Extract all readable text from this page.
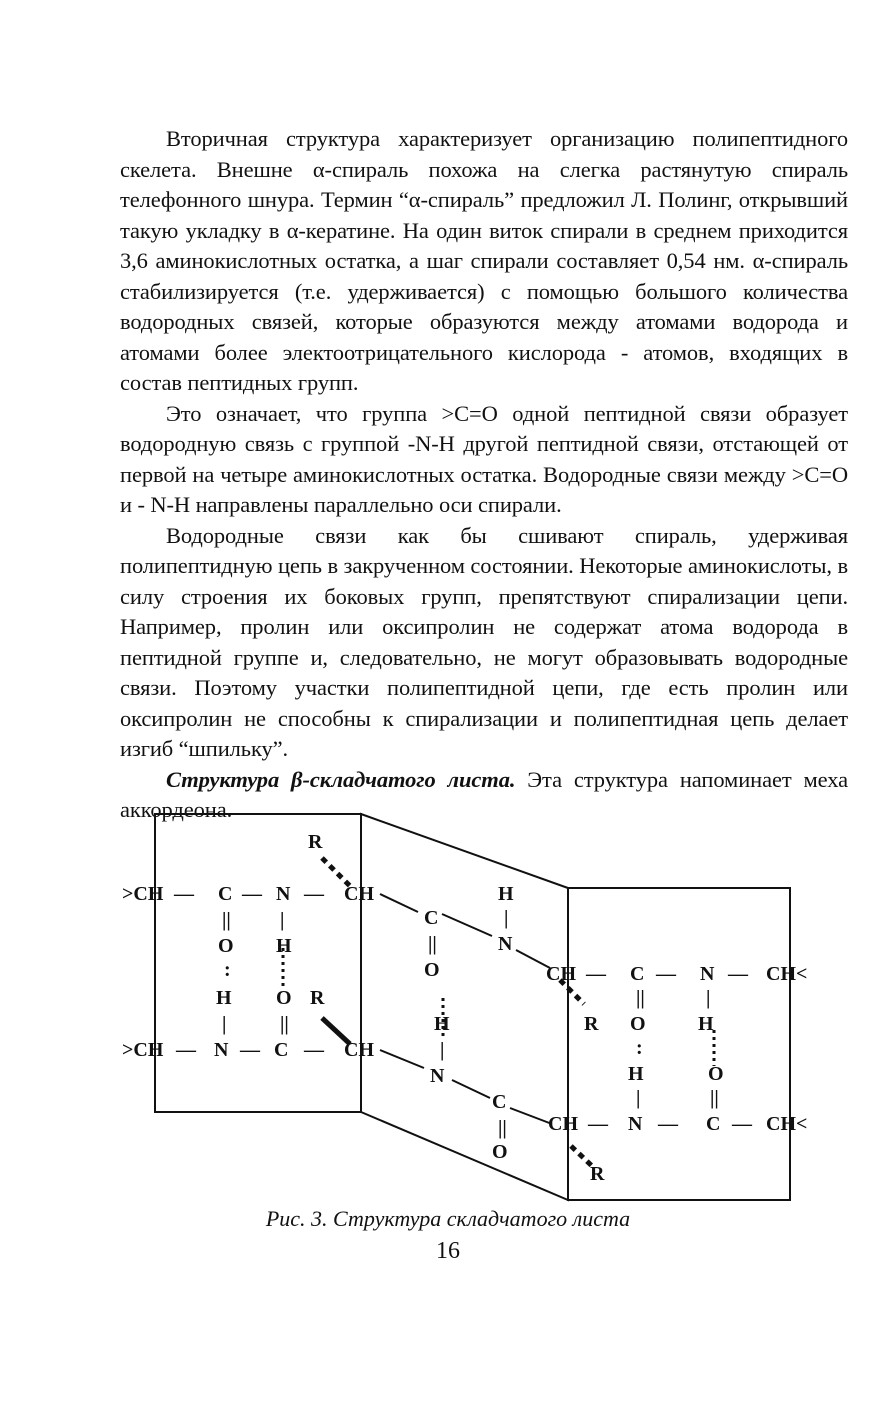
Вторичная структура характеризует организацию полипептидного скелета. Внешне α-спираль похожа на слегка растянутую спираль телефонного шнура. Термин “α-спираль” предложил Л. Полинг, открывший такую укладку в α-кератине. На один виток спирали в среднем приходится 3,6 аминокислотных остатка, а шаг спирали составляет 0,54 нм. α-спираль стабилизируется (т.е. удерживается) с помощью большого количества водородных связей, которые образуются между атомами водорода и атомами более электоотрицательного кислорода - атомов, входящих в состав пептидных групп.

Это означает, что группа >C=O одной пептидной связи образует водородную связь с группой -N-H другой пептидной связи, отстающей от первой на четыре аминокислотных остатка. Водородные связи между >C=O и - N-H направлены параллельно оси спирали.

Водородные связи как бы сшивают спираль, удерживая полипептидную цепь в закрученном состоянии. Некоторые аминокислоты, в силу строения их боковых групп, препятствуют спирализации цепи. Например, пролин или оксипролин не содержат атома водорода в пептидной группе и, следовательно, не могут образовывать водородные связи. Поэтому участки полипептидной цепи, где есть пролин или оксипролин не способны к спирализации и полипептидная цепь делает изгиб “шпильку”.

Структура β-складчатого листа. Эта структура напоминает меха аккордеона.

>CH — C — N — CH
R
|| |
O H
:
H O R
|	||
>CH — N — C — CH
C
||
O
H
|
N
H
|
N
C
||
O
CH — C — N — CH<
||	|
R O	H
:
H	O
|	||
CH — N — C — CH<
R
Рис. 3. Структура складчатого листа
16
